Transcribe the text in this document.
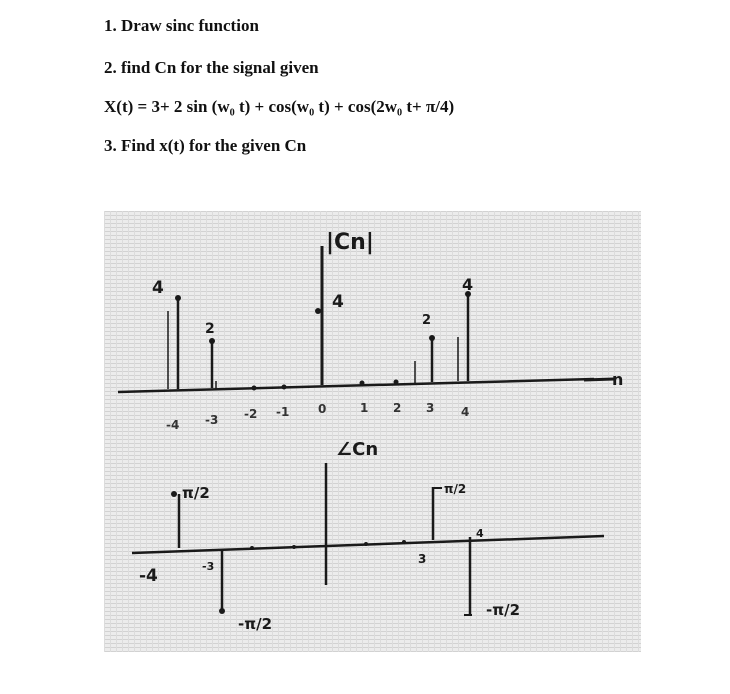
1. Draw sinc function
2. find Cn for the signal given
X(t) = 3+ 2 sin (w₀ t) + cos(w₀ t) + cos(2w₀ t+ π/4)
3. Find x(t) for the given Cn
n
|Cn|
4
2
4
2
4
-4 -3 -2 -1 0	1 2 3 4
∠Cn
π/2
-4	-3
-π/2
π/2
3
4
-π/2
